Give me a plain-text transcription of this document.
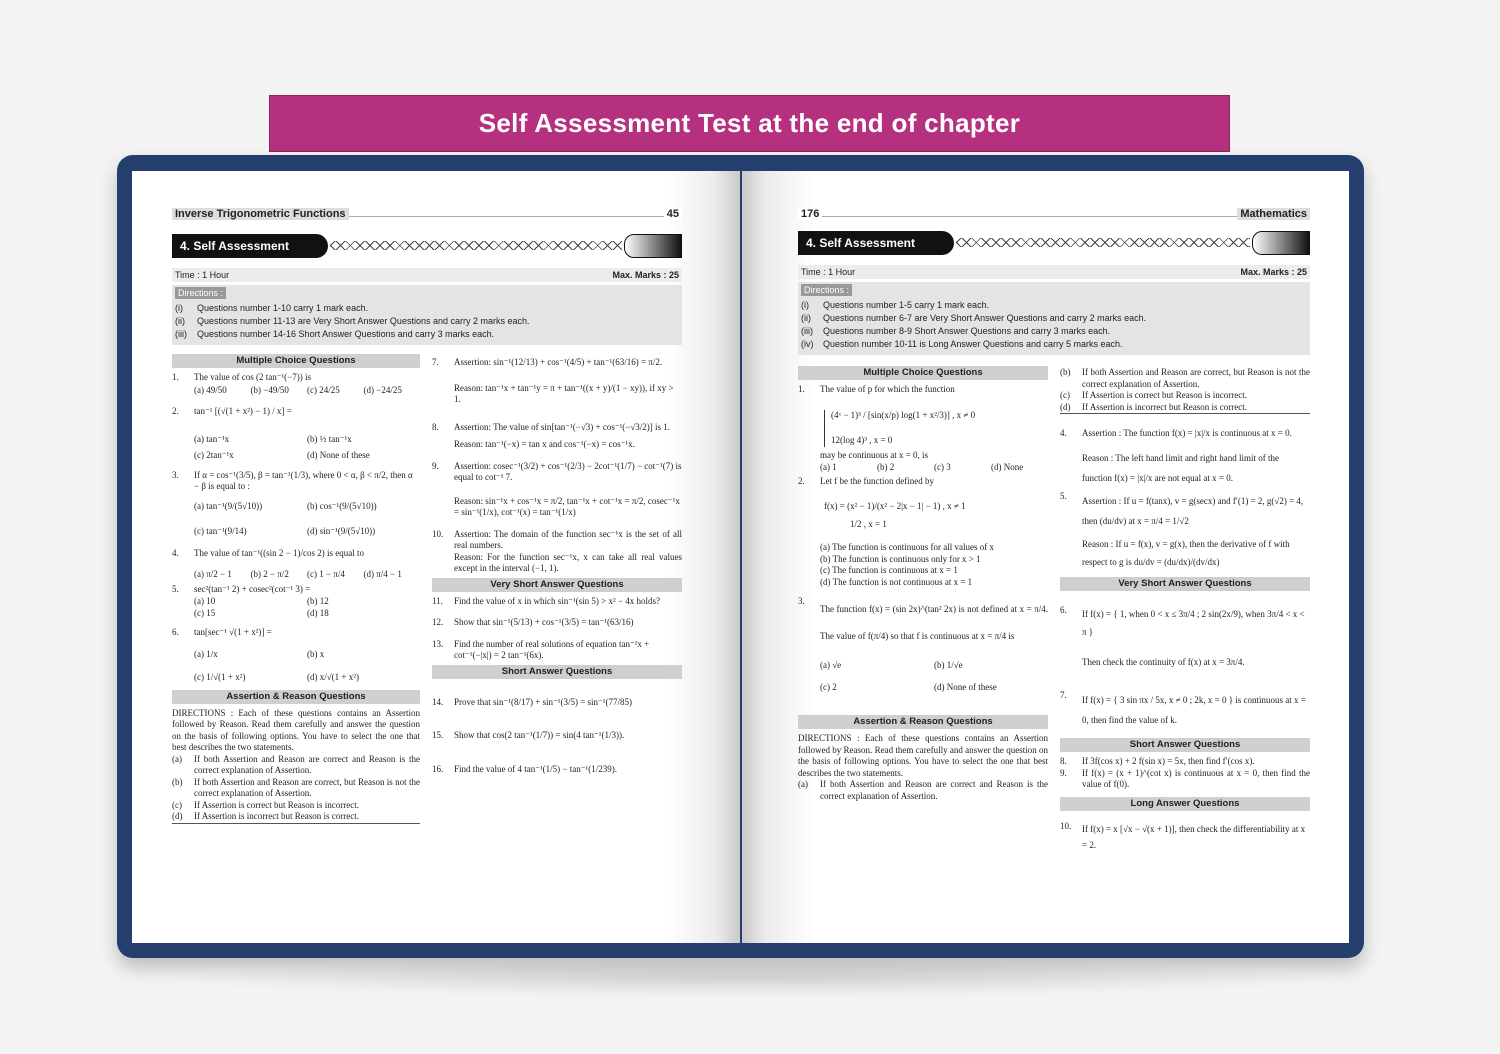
Self Assessment Test at the end of chapter
Inverse Trigonometric Functions	45
4. Self Assessment
Time : 1 Hour	Max. Marks : 25
Directions :
(i) Questions number 1-10 carry 1 mark each.
(ii) Questions number 11-13 are Very Short Answer Questions and carry 2 marks each.
(iii) Questions number 14-16 Short Answer Questions and carry 3 marks each.
Multiple Choice Questions
1.	The value of cos (2 tan⁻¹(−7)) is
(a) 49/50	(b) −49/50	(c) 24/25	(d) −24/25
2.	tan⁻¹ [(√(1 + x²) − 1) / x] =
(a) tan⁻¹x	(b) ½ tan⁻¹x
(c) 2tan⁻¹x	(d) None of these
3.	If α = cos⁻¹(3/5), β = tan⁻¹(1/3), where 0 < α, β < π/2, then α − β is equal to :
(a) tan⁻¹(9/(5√10))	(b) cos⁻¹(9/(5√10))
(c) tan⁻¹(9/14)	(d) sin⁻¹(9/(5√10))
4.	The value of tan⁻¹((sin 2 − 1)/cos 2) is equal to
(a) π/2 − 1	(b) 2 − π/2	(c) 1 − π/4	(d) π/4 − 1
5.	sec²(tan⁻¹ 2) + cosec²(cot⁻¹ 3) =
(a) 10	(b) 12
(c) 15	(d) 18
6.	tan[sec⁻¹ √(1 + x²)] =
(a) 1/x	(b) x
(c) 1/√(1 + x²)	(d) x/√(1 + x²)
Assertion & Reason Questions
DIRECTIONS : Each of these questions contains an Assertion followed by Reason. Read them carefully and answer the question on the basis of following options. You have to select the one that best describes the two statements.
(a)	If both Assertion and Reason are correct and Reason is the correct explanation of Assertion.
(b)	If both Assertion and Reason are correct, but Reason is not the correct explanation of Assertion.
(c)	If Assertion is correct but Reason is incorrect.
(d)	If Assertion is incorrect but Reason is correct.
7.	Assertion: sin⁻¹(12/13) + cos⁻¹(4/5) + tan⁻¹(63/16) = π/2.
Reason: tan⁻¹x + tan⁻¹y = π + tan⁻¹((x + y)/(1 − xy)), if xy > 1.
8.	Assertion: The value of sin[tan⁻¹(−√3) + cos⁻¹(−√3/2)] is 1.
Reason: tan⁻¹(−x) = tan x and cos⁻¹(−x) = cos⁻¹x.
9.	Assertion: cosec⁻¹(3/2) + cos⁻¹(2/3) − 2cot⁻¹(1/7) − cot⁻¹(7) is equal to cot⁻¹ 7.
Reason: sin⁻¹x + cos⁻¹x = π/2, tan⁻¹x + cot⁻¹x = π/2, cosec⁻¹x = sin⁻¹(1/x), cot⁻¹(x) = tan⁻¹(1/x)
10.	Assertion: The domain of the function sec⁻¹x is the set of all real numbers.
Reason: For the function sec⁻¹x, x can take all real values except in the interval (−1, 1).
Very Short Answer Questions
11.	Find the value of x in which sin⁻¹(sin 5) > x² − 4x holds?
12.	Show that sin⁻¹(5/13) + cos⁻¹(3/5) = tan⁻¹(63/16)
13.	Find the number of real solutions of equation tan⁻¹x + cot⁻¹(−|x|) = 2 tan⁻¹(6x).
Short Answer Questions
14.	Prove that sin⁻¹(8/17) + sin⁻¹(3/5) = sin⁻¹(77/85)
15.	Show that cos(2 tan⁻¹(1/7)) = sin(4 tan⁻¹(1/3)).
16.	Find the value of 4 tan⁻¹(1/5) − tan⁻¹(1/239).
176	Mathematics
4. Self Assessment
Time : 1 Hour	Max. Marks : 25
Directions :
(i) Questions number 1-5 carry 1 mark each.
(ii) Questions number 6-7 are Very Short Answer Questions and carry 2 marks each.
(iii) Questions number 8-9 Short Answer Questions and carry 3 marks each.
(iv) Question number 10-11 is Long Answer Questions and carry 5 marks each.
Multiple Choice Questions
1.	The value of p for which the function
(4ˣ − 1)³ / [sin(x/p) log(1 + x²/3)] , x ≠ 0
12(log 4)³ , x = 0
may be continuous at x = 0, is
(a) 1	(b) 2	(c) 3	(d) None
2.	Let f be the function defined by
f(x) = (x² − 1)/(x² − 2|x − 1| − 1) , x ≠ 1
1/2 , x = 1
(a) The function is continuous for all values of x
(b) The function is continuous only for x > 1
(c) The function is continuous at x = 1
(d) The function is not continuous at x = 1
3.
The function f(x) = (sin 2x)^(tan² 2x) is not defined at x = π/4. The value of f(π/4) so that f is continuous at x = π/4 is
(a) √e	(b) 1/√e
(c) 2	(d) None of these
Assertion & Reason Questions
DIRECTIONS : Each of these questions contains an Assertion followed by Reason. Read them carefully and answer the question on the basis of following options. You have to select the one that best describes the two statements.
(a)	If both Assertion and Reason are correct and Reason is the correct explanation of Assertion.
(b)	If both Assertion and Reason are correct, but Reason is not the correct explanation of Assertion.
(c)	If Assertion is correct but Reason is incorrect.
(d)	If Assertion is incorrect but Reason is correct.
4.	Assertion : The function f(x) = |x|/x is continuous at x = 0.
Reason : The left hand limit and right hand limit of the function f(x) = |x|/x are not equal at x = 0.
5.	Assertion : If u = f(tanx), v = g(secx) and f′(1) = 2, g(√2) = 4, then (du/dv) at x = π/4 = 1/√2
Reason : If u = f(x), v = g(x), then the derivative of f with respect to g is du/dv = (du/dx)/(dv/dx)
Very Short Answer Questions
6.	If f(x) = { 1, when 0 < x ≤ 3π/4 ; 2 sin(2x/9), when 3π/4 < x < π }
Then check the continuity of f(x) at x = 3π/4.
7.	If f(x) = { 3 sin πx / 5x, x ≠ 0 ; 2k, x = 0 } is continuous at x = 0, then find the value of k.
Short Answer Questions
8.	If 3f(cos x) + 2 f(sin x) = 5x, then find f′(cos x).
9.	If f(x) = (x + 1)^(cot x) is continuous at x = 0, then find the value of f(0).
Long Answer Questions
10.	If f(x) = x [√x − √(x + 1)], then check the differentiability at x = 2.
